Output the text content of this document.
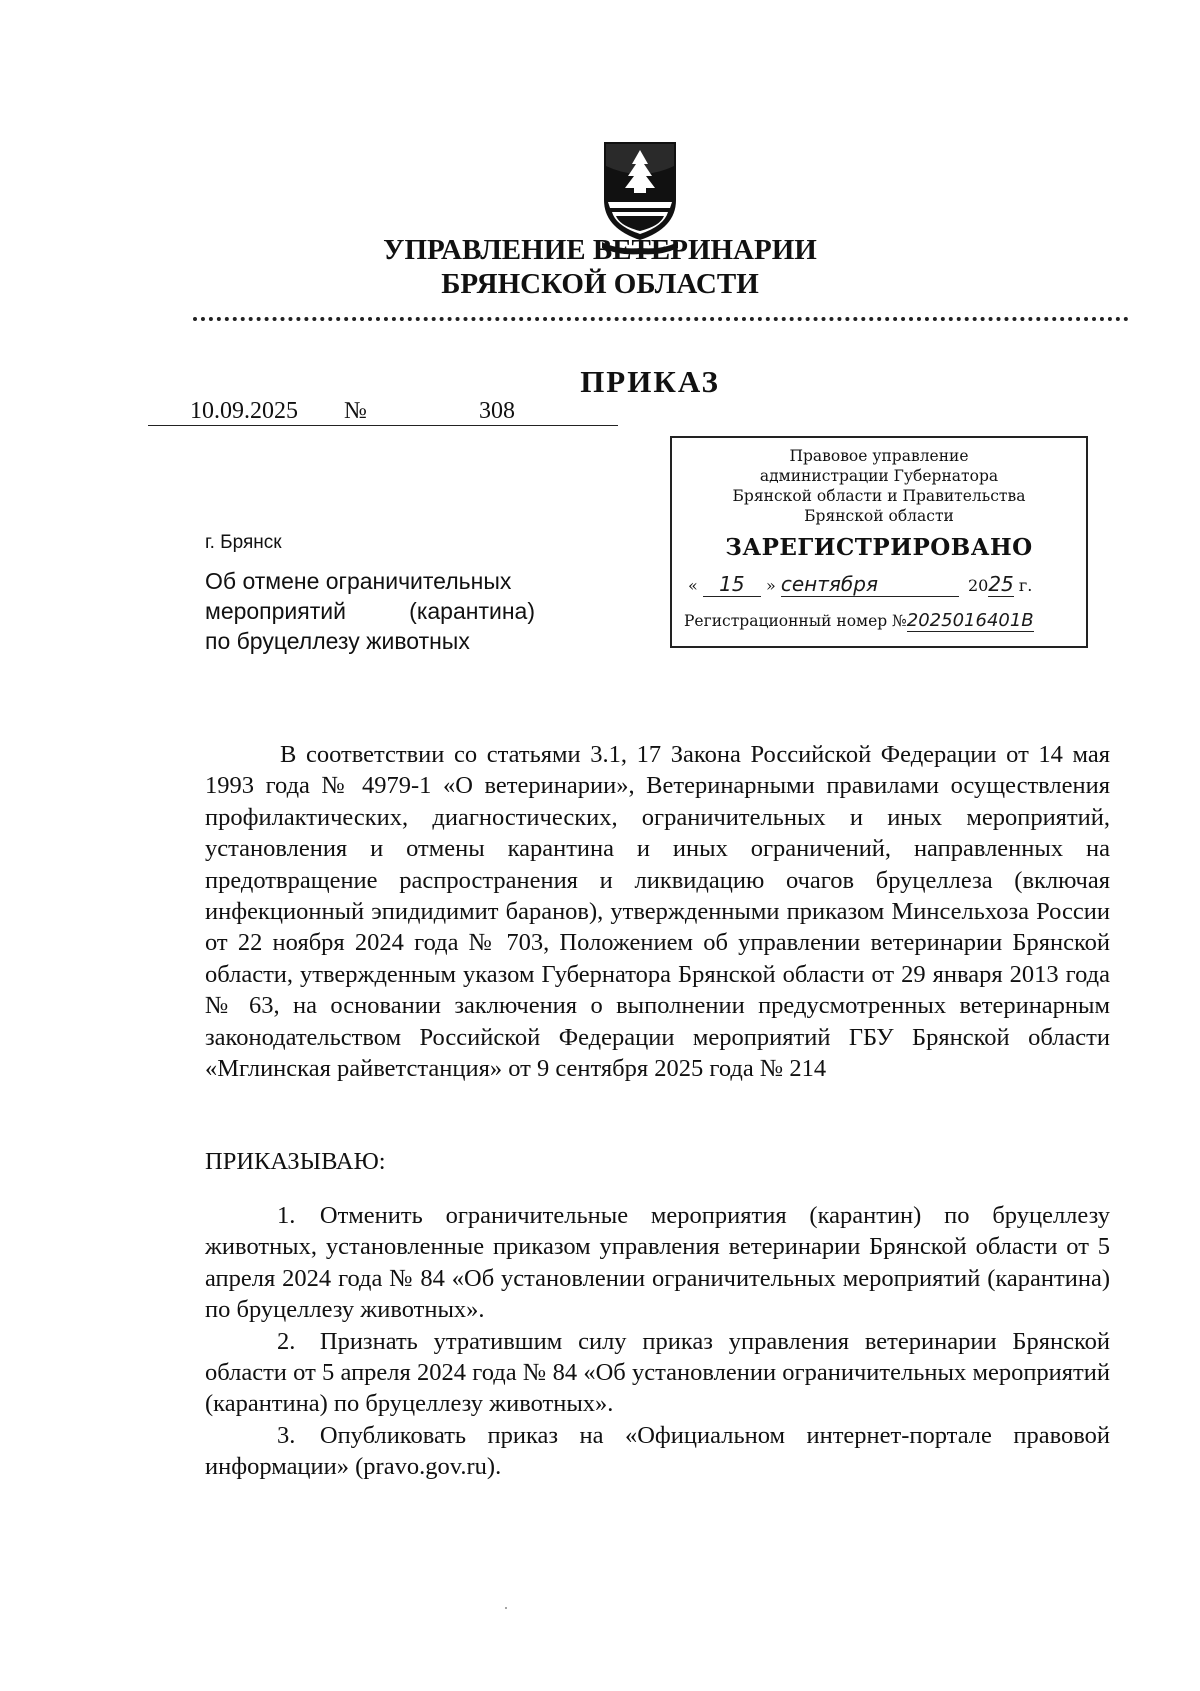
УПРАВЛЕНИЕ ВЕТЕРИНАРИИ
БРЯНСКОЙ ОБЛАСТИ
ПРИКАЗ
10.09.2025 №	308
Правовое управление
администрации Губернатора
Брянской области и Правительства
Брянской области
ЗАРЕГИСТРИРОВАНО
« 15 » сентября	2025 г.
Регистрационный номер №2025016401B
г. Брянск
Об отмене ограничительных
мероприятий	(карантина)
по бруцеллезу животных
В соответствии со статьями 3.1, 17 Закона Российской Федерации от 14 мая 1993 года № 4979-1 «О ветеринарии», Ветеринарными правилами осуществления профилактических, диагностических, ограничительных и иных мероприятий, установления и отмены карантина и иных ограничений, направленных на предотвращение распространения и ликвидацию очагов бруцеллеза (включая инфекционный эпидидимит баранов), утвержденными приказом Минсельхоза России от 22 ноября 2024 года № 703, Положением об управлении ветеринарии Брянской области, утвержденным указом Губернатора Брянской области от 29 января 2013 года № 63, на основании заключения о выполнении предусмотренных ветеринарным законодательством Российской Федерации мероприятий ГБУ Брянской области «Мглинская райветстанция» от 9 сентября 2025 года № 214
ПРИКАЗЫВАЮ:
1. Отменить ограничительные мероприятия (карантин) по бруцеллезу животных, установленные приказом управления ветеринарии Брянской области от 5 апреля 2024 года № 84 «Об установлении ограничительных мероприятий (карантина) по бруцеллезу животных».
2. Признать утратившим силу приказ управления ветеринарии Брянской области от 5 апреля 2024 года № 84 «Об установлении ограничительных мероприятий (карантина) по бруцеллезу животных».
3. Опубликовать приказ на «Официальном интернет-портале правовой информации» (pravo.gov.ru).
